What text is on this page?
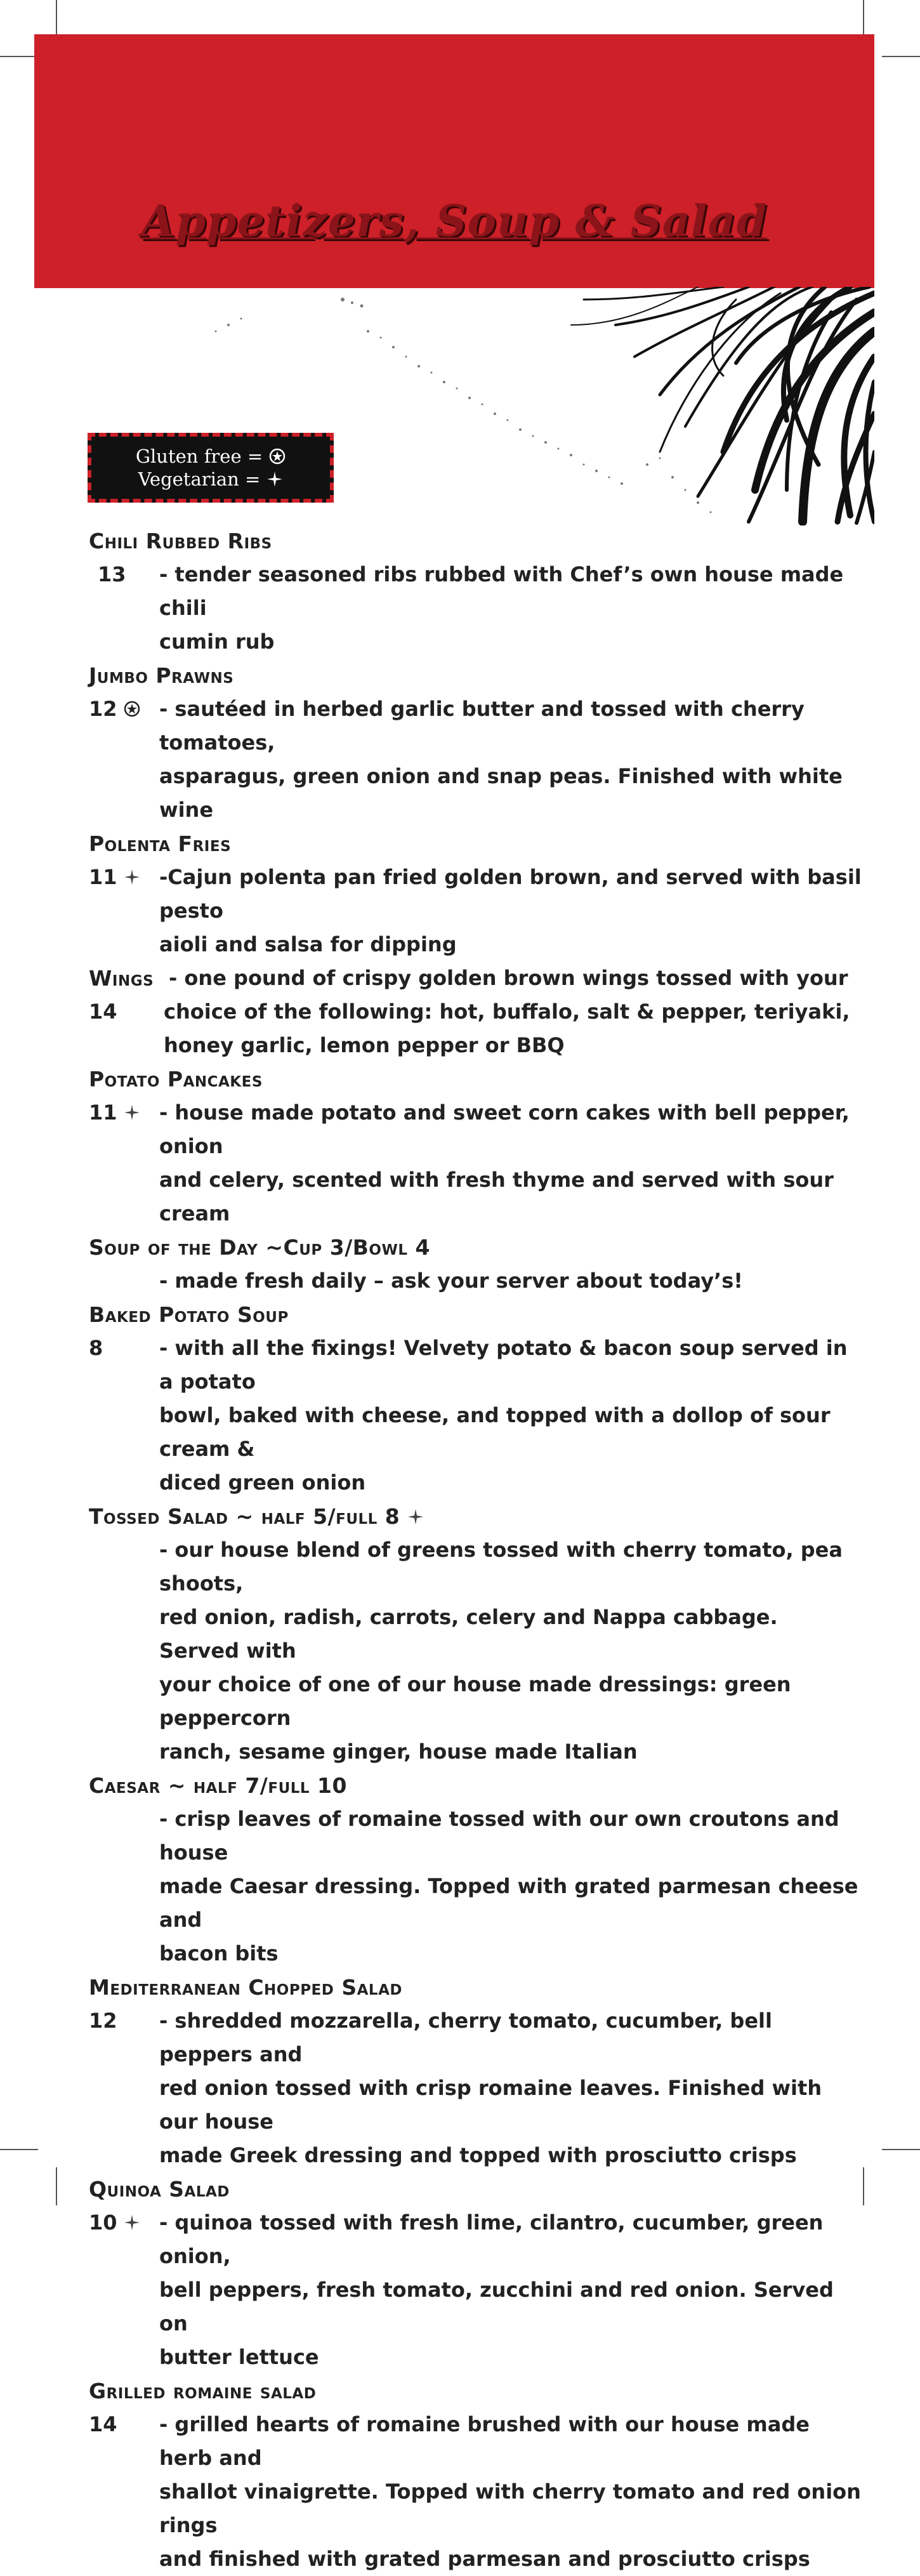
Appetizers, Soup & Salad
Gluten free =
Vegetarian =
Chili Rubbed Ribs
13 - tender seasoned ribs rubbed with Chef’s own house made chili
cumin rub
Jumbo Prawns
12 - sautéed in herbed garlic butter and tossed with cherry tomatoes,
asparagus, green onion and snap peas. Finished with white wine
Polenta Fries
11 -Cajun polenta pan fried golden brown, and served with basil pesto
aioli and salsa for dipping
Wings - one pound of crispy golden brown wings tossed with your
14 choice of the following: hot, buffalo, salt & pepper, teriyaki,
honey garlic, lemon pepper or BBQ
Potato Pancakes
11 - house made potato and sweet corn cakes with bell pepper, onion
and celery, scented with fresh thyme and served with sour cream
Soup of the Day ~Cup 3/Bowl 4
- made fresh daily – ask your server about today’s!
Baked Potato Soup
8	- with all the fixings! Velvety potato & bacon soup served in a potato
bowl, baked with cheese, and topped with a dollop of sour cream &
diced green onion
Tossed Salad ~ half 5/full 8
- our house blend of greens tossed with cherry tomato, pea shoots,
red onion, radish, carrots, celery and Nappa cabbage. Served with
your choice of one of our house made dressings: green peppercorn
ranch, sesame ginger, house made Italian
Caesar ~ half 7/full 10
- crisp leaves of romaine tossed with our own croutons and house
made Caesar dressing. Topped with grated parmesan cheese and
bacon bits
Mediterranean Chopped Salad
12 - shredded mozzarella, cherry tomato, cucumber, bell peppers and
red onion tossed with crisp romaine leaves. Finished with our house
made Greek dressing and topped with prosciutto crisps
Quinoa Salad
10 - quinoa tossed with fresh lime, cilantro, cucumber, green onion,
bell peppers, fresh tomato, zucchini and red onion. Served on
butter lettuce
Grilled romaine salad
14 - grilled hearts of romaine brushed with our house made herb and
shallot vinaigrette. Topped with cherry tomato and red onion rings
and finished with grated parmesan and prosciutto crisps
